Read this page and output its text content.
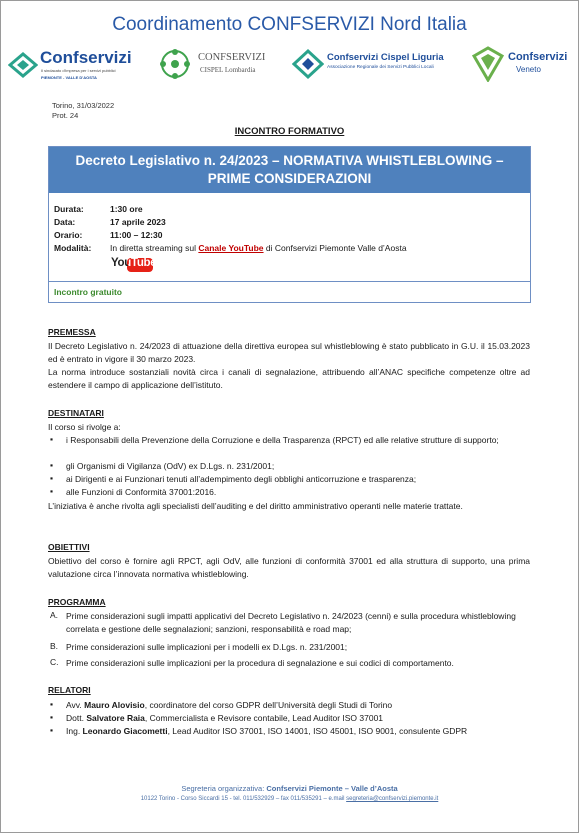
Coordinamento CONFSERVIZI Nord Italia
Confservizi
Il sindacato d'impresa per i servizi pubblici
PIEMONTE - VALLE D'AOSTA
CONFSERVIZI
CISPEL Lombardia
Confservizi Cispel Liguria
Associazione Regionale dei Servizi Pubblici Locali
Confservizi
Veneto
Torino, 31/03/2022
Prot. 24
INCONTRO FORMATIVO
Decreto Legislativo n. 24/2023 – NORMATIVA WHISTLEBLOWING –
PRIME CONSIDERAZIONI
Durata:	1:30 ore
Data:	17 aprile 2023
Orario:	11:00 – 12:30
Modalità: In diretta streaming sul Canale YouTube di Confservizi Piemonte Valle d’Aosta
Incontro gratuito
YouTube
PREMESSA
Il Decreto Legislativo n. 24/2023 di attuazione della direttiva europea sul whistleblowing è stato pubblicato in G.U. il 15.03.2023 ed è entrato in vigore il 30 marzo 2023.
La norma introduce sostanziali novità circa i canali di segnalazione, attribuendo all’ANAC specifiche competenze oltre ad estendere il campo di applicazione dell’istituto.
DESTINATARI
Il corso si rivolge a:
▪ i Responsabili della Prevenzione della Corruzione e della Trasparenza (RPCT) ed alle relative strutture di supporto;
▪ gli Organismi di Vigilanza (OdV) ex D.Lgs. n. 231/2001;
▪ ai Dirigenti e ai Funzionari tenuti all’adempimento degli obblighi anticorruzione e trasparenza;
▪ alle Funzioni di Conformità 37001:2016.
L’iniziativa è anche rivolta agli specialisti dell’auditing e del diritto amministrativo operanti nelle materie trattate.
OBIETTIVI
Obiettivo del corso è fornire agli RPCT, agli OdV, alle funzioni di conformità 37001 ed alla struttura di supporto, una prima valutazione circa l’innovata normativa whistleblowing.
PROGRAMMA
A. Prime considerazioni sugli impatti applicativi del Decreto Legislativo n. 24/2023 (cenni) e sulla procedura whistleblowing correlata e gestione delle segnalazioni; sanzioni, responsabilità e road map;
B. Prime considerazioni sulle implicazioni per i modelli ex D.Lgs. n. 231/2001;
C. Prime considerazioni sulle implicazioni per la procedura di segnalazione e sui codici di comportamento.
RELATORI
▪ Avv. Mauro Alovisio, coordinatore del corso GDPR dell’Università degli Studi di Torino
▪ Dott. Salvatore Raia, Commercialista e Revisore contabile, Lead Auditor ISO 37001
▪ Ing. Leonardo Giacometti, Lead Auditor ISO 37001, ISO 14001, ISO 45001, ISO 9001, consulente GDPR
Segreteria organizzativa: Confservizi Piemonte – Valle d’Aosta
10122 Torino - Corso Siccardi 15 - tel. 011/532929 – fax 011/535291 – e.mail segreteria@confservizi.piemonte.it
